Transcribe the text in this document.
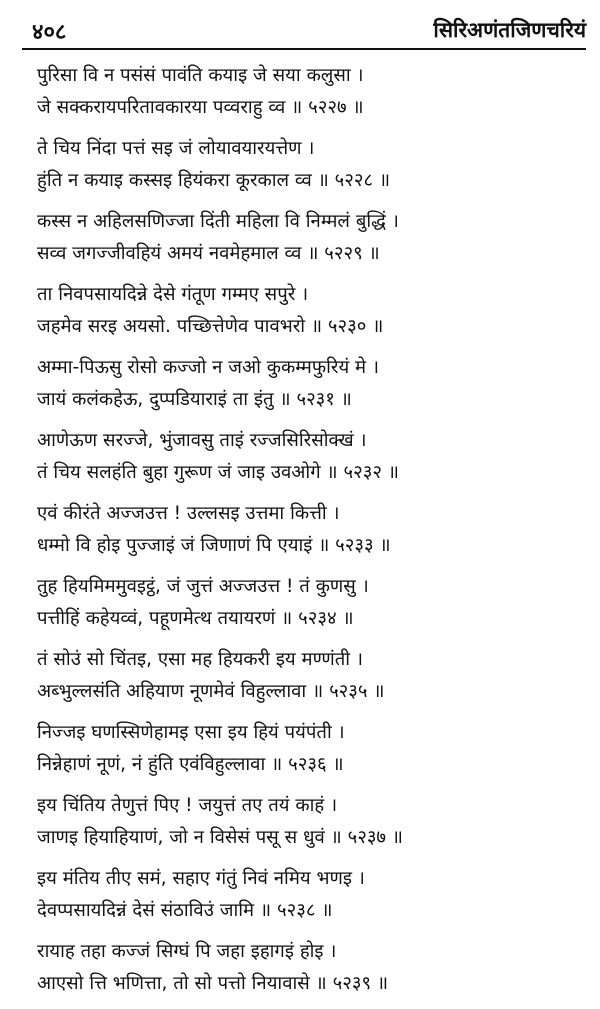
४०८	सिरिअणंतजिणचरियं
पुरिसा वि न पसंसं पावंति कयाइ जे सया कलुसा ।
जे सक्करायपरितावकारया पव्वराहु व्व ॥ ५२२७ ॥
ते चिय निंदा पत्तं सइ जं लोयावयारयत्तेण ।
हुंति न कयाइ कस्सइ हियंकरा कूरकाल व्व ॥ ५२२८ ॥
कस्स न अहिलसणिज्जा दिंती महिला वि निम्मलं बुद्धिं ।
सव्व जगज्जीवहियं अमयं नवमेहमाल व्व ॥ ५२२९ ॥
ता निवपसायदिन्ने देसे गंतूण गम्मए सपुरे ।
जहमेव सरइ अयसो. पच्छित्तेणेव पावभरो ॥ ५२३० ॥
अम्मा-पिऊसु रोसो कज्जो न जओ कुकम्मफुरियं मे ।
जायं कलंकहेऊ, दुप्पडियाराइं ता इंतु ॥ ५२३१ ॥
आणेऊण सरज्जे, भुंजावसु ताइं रज्जसिरिसोक्खं ।
तं चिय सलहंति बुहा गुरूण जं जाइ उवओगे ॥ ५२३२ ॥
एवं कीरंते अज्जउत्त ! उल्लसइ उत्तमा कित्ती ।
धम्मो वि होइ पुज्जाइं जं जिणाणं पि एयाइं ॥ ५२३३ ॥
तुह हियमिममुवइट्ठं, जं जुत्तं अज्जउत्त ! तं कुणसु ।
पत्तीहिं कहेयव्वं, पहूणमेत्थ तयायरणं ॥ ५२३४ ॥
तं सोउं सो चिंतइ, एसा मह हियकरी इय मण्णंती ।
अब्भुल्लसंति अहियाण नूणमेवं विहुल्लावा ॥ ५२३५ ॥
निज्जइ घणस्सिणेहामइ एसा इय हियं पयंपंती ।
निन्नेहाणं नूणं, नं हुंति एवंविहुल्लावा ॥ ५२३६ ॥
इय चिंतिय तेणुत्तं पिए ! जयुत्तं तए तयं काहं ।
जाणइ हियाहियाणं, जो न विसेसं पसू स धुवं ॥ ५२३७ ॥
इय मंतिय तीए समं, सहाए गंतुं निवं नमिय भणइ ।
देवप्पसायदिन्नं देसं संठाविउं जामि ॥ ५२३८ ॥
रायाह तहा कज्जं सिग्घं पि जहा इहागइं होइ ।
आएसो त्ति भणित्ता, तो सो पत्तो नियावासे ॥ ५२३९ ॥
